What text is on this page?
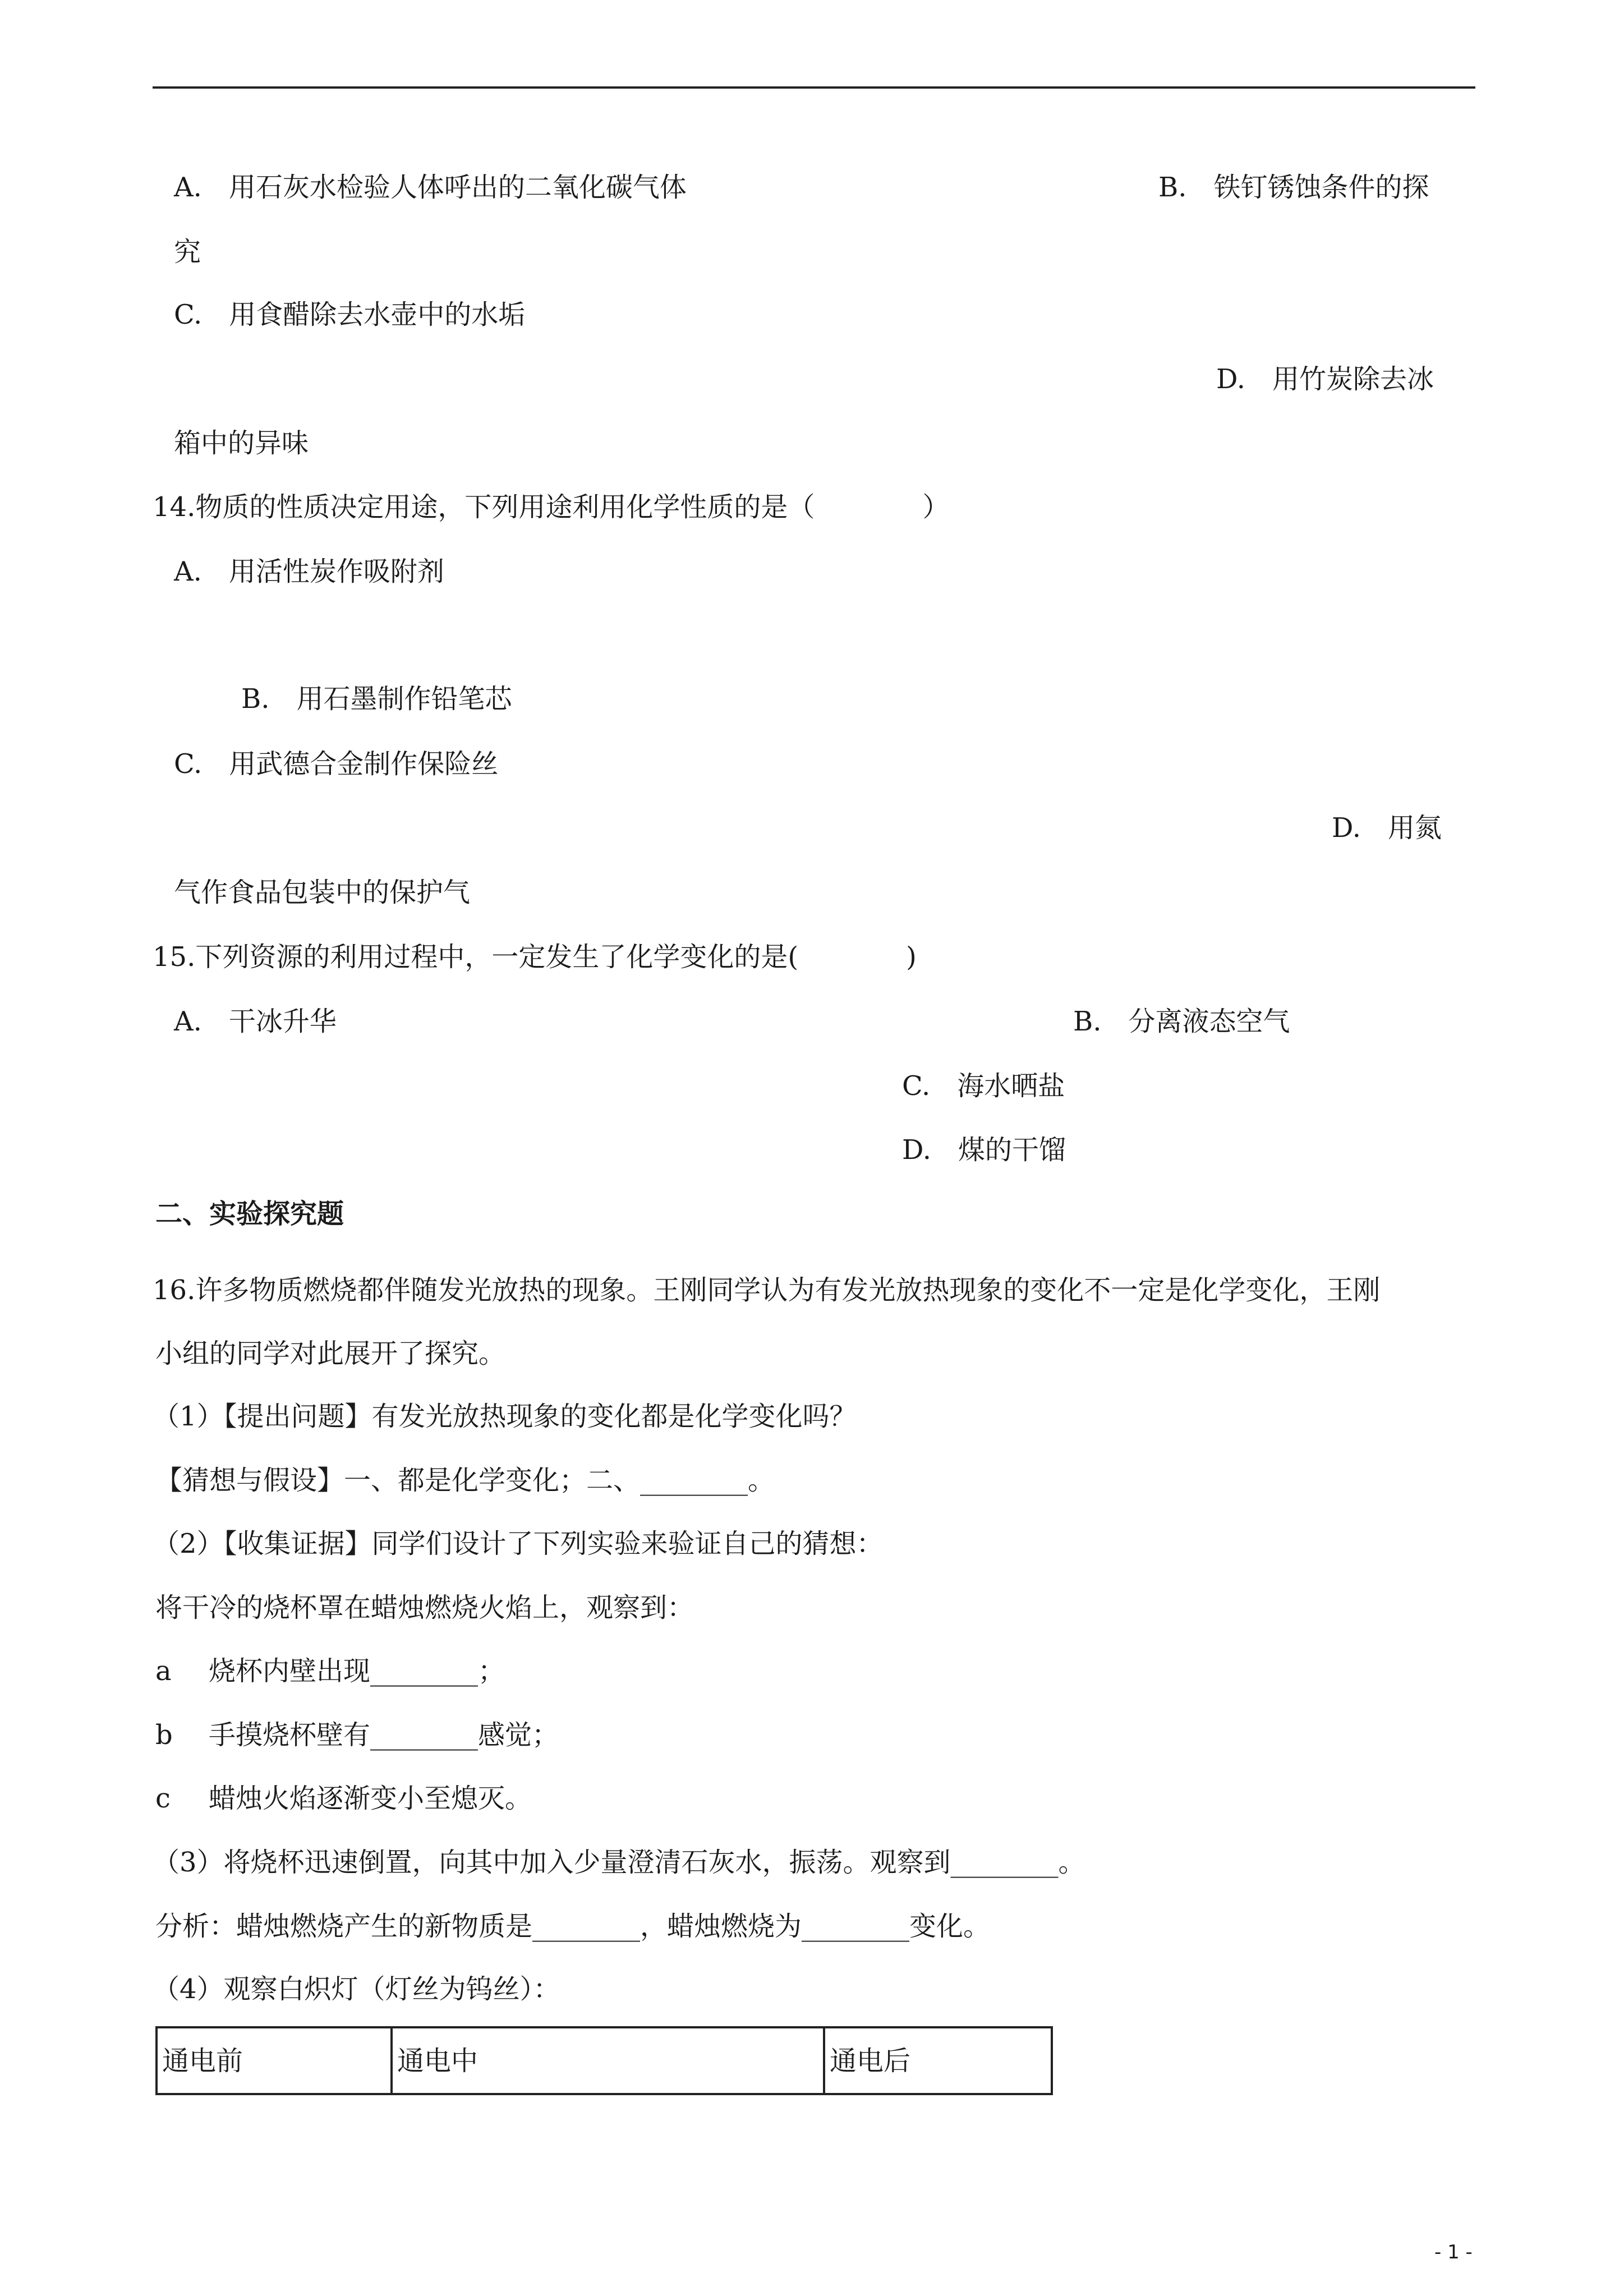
A.　用石灰水检验人体呼出的二氧化碳气体	B.　铁钉锈蚀条件的探
究
C.　用食醋除去水壶中的水垢
D.　用竹炭除去冰
箱中的异味
14.物质的性质决定用途，下列用途利用化学性质的是（　　　　）
A.　用活性炭作吸附剂
B.　用石墨制作铅笔芯
C.　用武德合金制作保险丝
D.　用氮
气作食品包装中的保护气
15.下列资源的利用过程中，一定发生了化学变化的是(　　　　)
A.　干冰升华	B.　分离液态空气
C.　海水晒盐
D.　煤的干馏
二、实验探究题
16.许多物质燃烧都伴随发光放热的现象。王刚同学认为有发光放热现象的变化不一定是化学变化，王刚
小组的同学对此展开了探究。
（1）【提出问题】有发光放热现象的变化都是化学变化吗？
【猜想与假设】一、都是化学变化；二、________。
（2）【收集证据】同学们设计了下列实验来验证自己的猜想：
将干冷的烧杯罩在蜡烛燃烧火焰上，观察到：
a 烧杯内壁出现________；
b 手摸烧杯壁有________感觉；
c 蜡烛火焰逐渐变小至熄灭。
（3）将烧杯迅速倒置，向其中加入少量澄清石灰水，振荡。观察到________。
分析：蜡烛燃烧产生的新物质是________，蜡烛燃烧为________变化。
（4）观察白炽灯（灯丝为钨丝）：
通电前	通电中	通电后
- 1 -
